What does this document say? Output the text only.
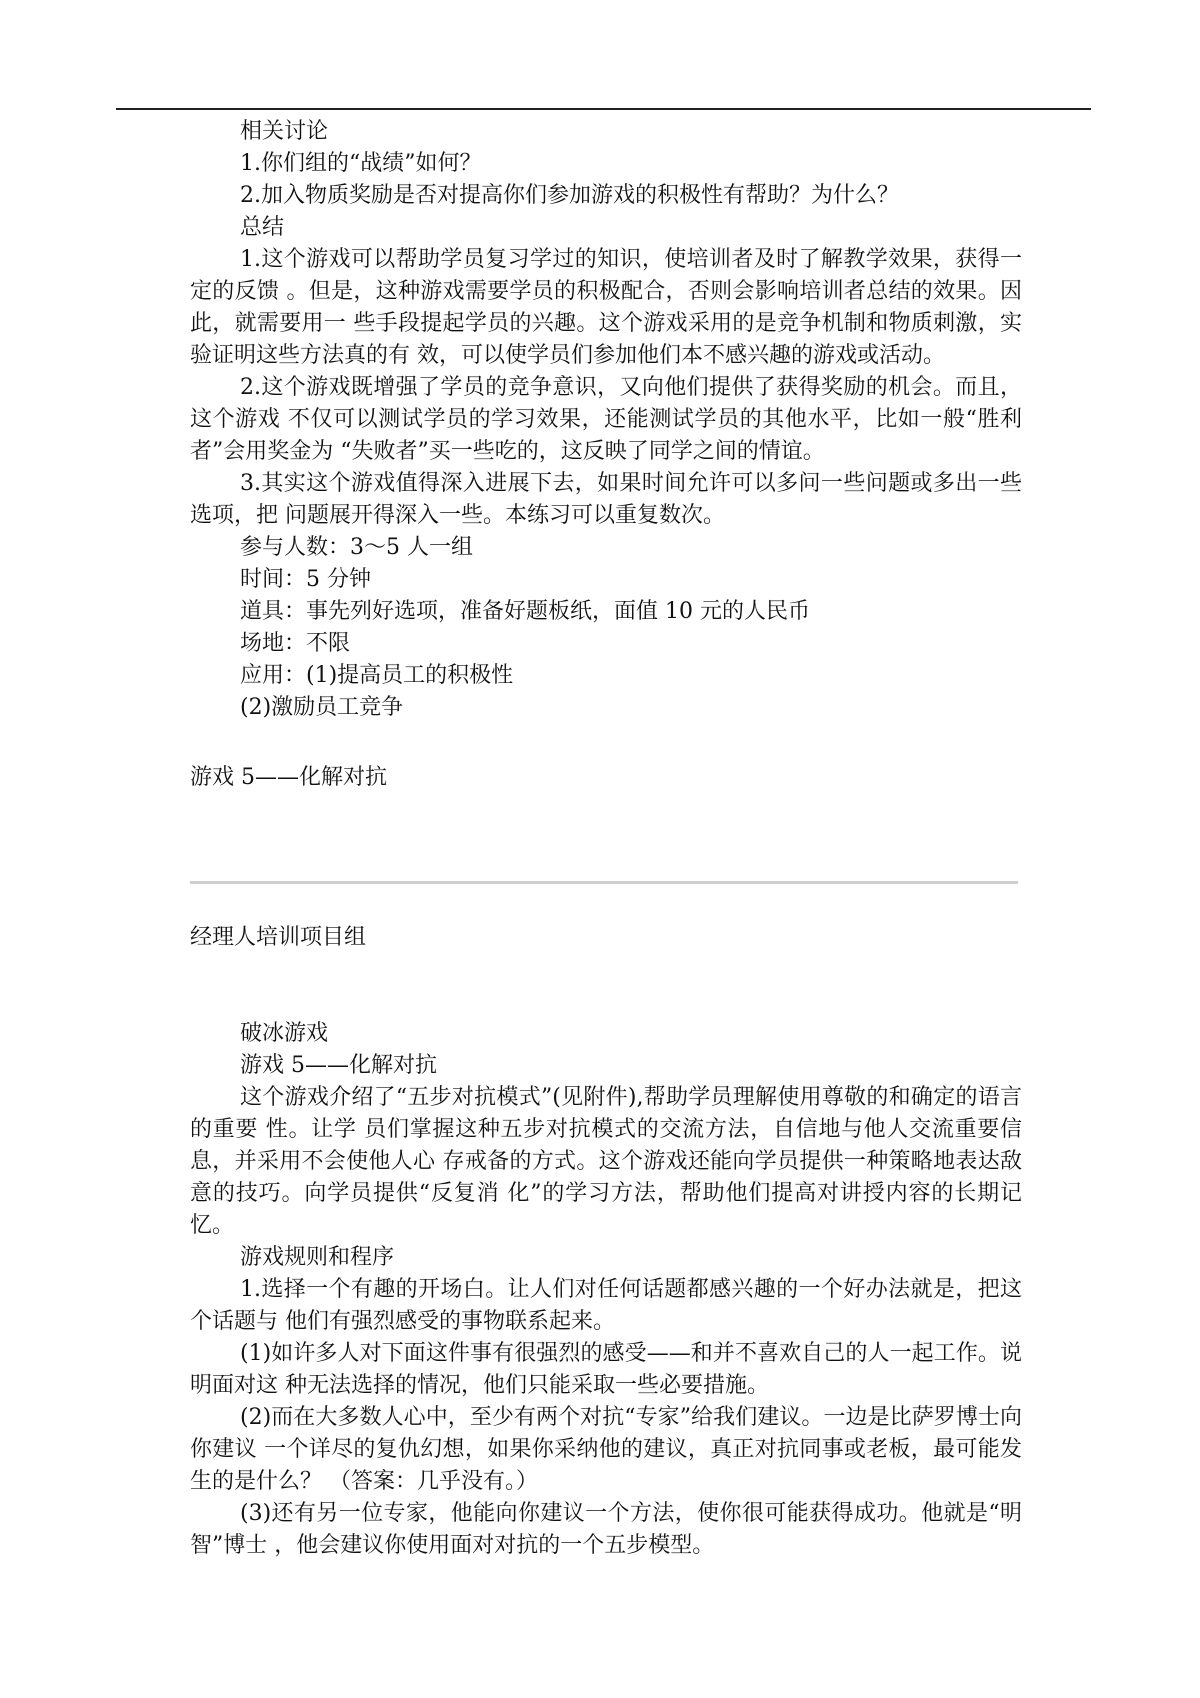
相关讨论

1.你们组的“战绩”如何？

2.加入物质奖励是否对提高你们参加游戏的积极性有帮助？为什么？

总结

1.这个游戏可以帮助学员复习学过的知识，使培训者及时了解教学效果，获得一定的反馈 。但是，这种游戏需要学员的积极配合，否则会影响培训者总结的效果。因此，就需要用一 些手段提起学员的兴趣。这个游戏采用的是竞争机制和物质刺激，实验证明这些方法真的有 效，可以使学员们参加他们本不感兴趣的游戏或活动。

2.这个游戏既增强了学员的竞争意识，又向他们提供了获得奖励的机会。而且，这个游戏 不仅可以测试学员的学习效果，还能测试学员的其他水平，比如一般“胜利者”会用奖金为 “失败者”买一些吃的，这反映了同学之间的情谊。

3.其实这个游戏值得深入进展下去，如果时间允许可以多问一些问题或多出一些选项，把 问题展开得深入一些。本练习可以重复数次。

参与人数：3～5 人一组

时间：5 分钟

道具：事先列好选项，准备好题板纸，面值 10 元的人民币

场地：不限

应用：(1)提高员工的积极性

(2)激励员工竞争

游戏 5——化解对抗

经理人培训项目组

破冰游戏

游戏 5——化解对抗

这个游戏介绍了“五步对抗模式”(见附件),帮助学员理解使用尊敬的和确定的语言的重要 性。让学 员们掌握这种五步对抗模式的交流方法，自信地与他人交流重要信息，并采用不会使他人心 存戒备的方式。这个游戏还能向学员提供一种策略地表达敌意的技巧。向学员提供“反复消 化”的学习方法，帮助他们提高对讲授内容的长期记忆。

游戏规则和程序

1.选择一个有趣的开场白。让人们对任何话题都感兴趣的一个好办法就是，把这个话题与 他们有强烈感受的事物联系起来。

(1)如许多人对下面这件事有很强烈的感受——和并不喜欢自己的人一起工作。说明面对这 种无法选择的情况，他们只能采取一些必要措施。

(2)而在大多数人心中，至少有两个对抗“专家”给我们建议。一边是比萨罗博士向你建议 一个详尽的复仇幻想，如果你采纳他的建议，真正对抗同事或老板，最可能发生的是什么？ （答案：几乎没有。）

(3)还有另一位专家，他能向你建议一个方法，使你很可能获得成功。他就是“明智”博士 ，他会建议你使用面对对抗的一个五步模型。
